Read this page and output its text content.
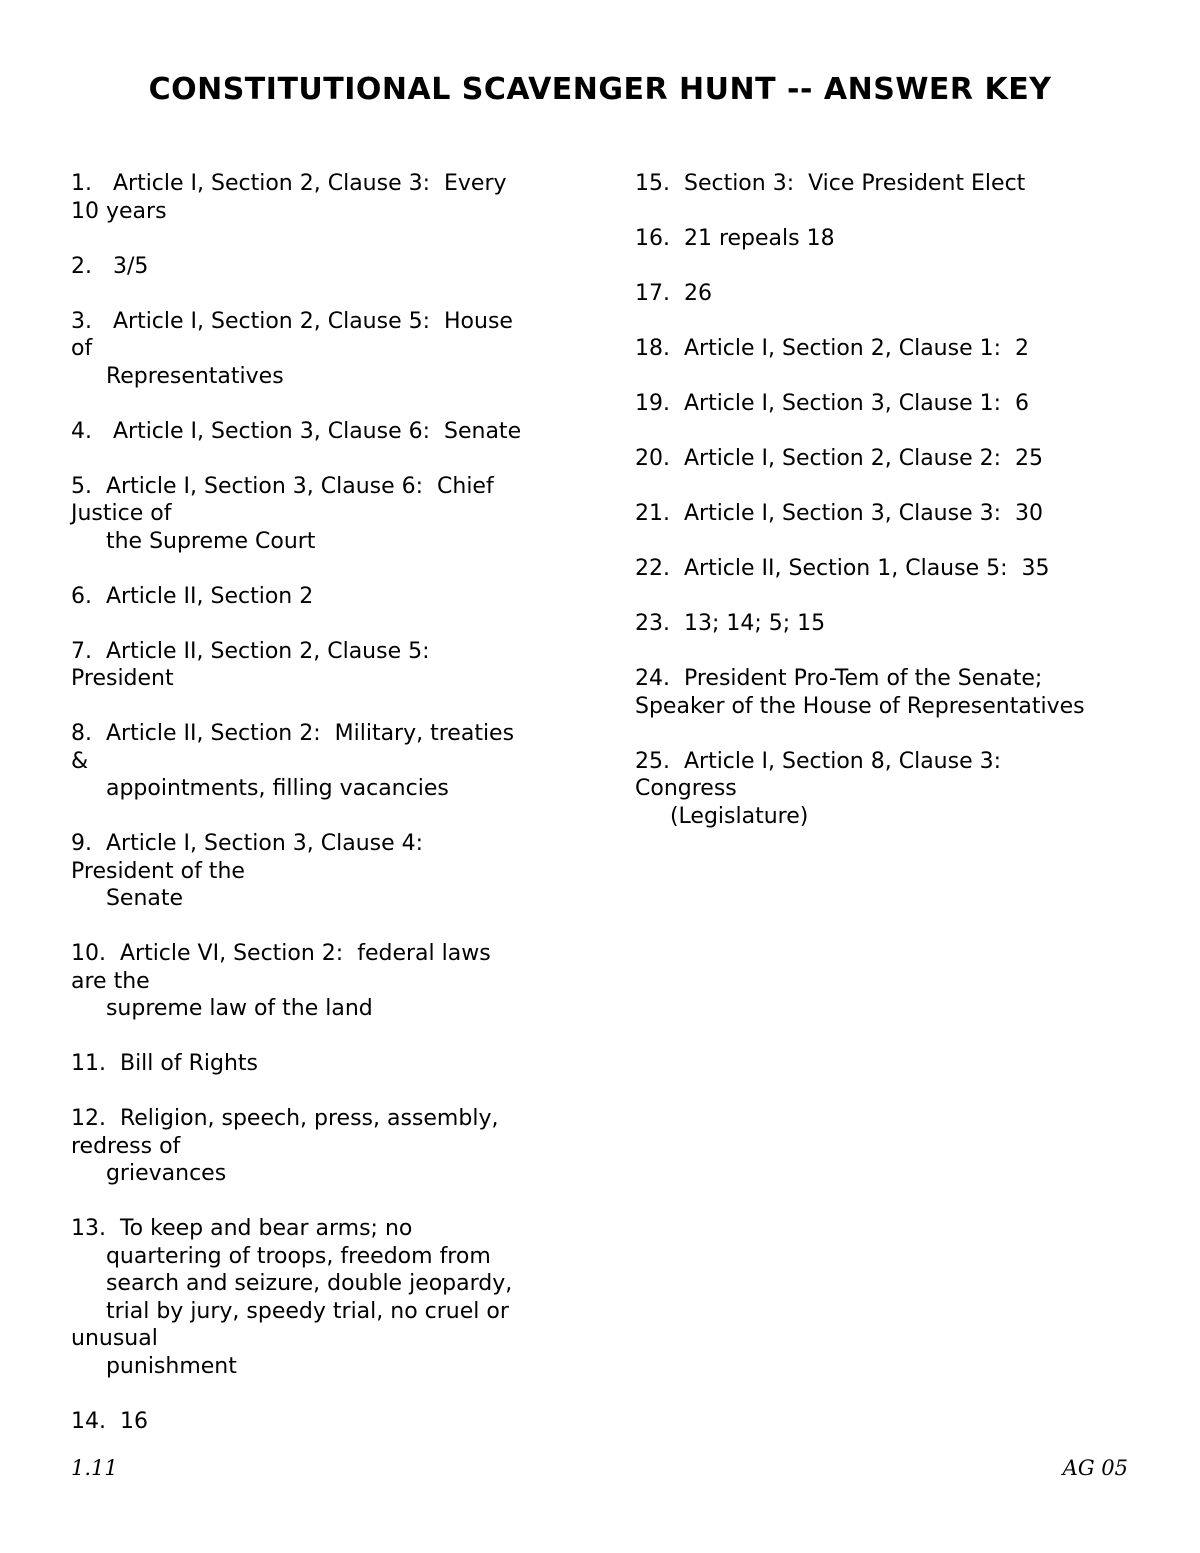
CONSTITUTIONAL SCAVENGER HUNT -- ANSWER KEY
1.   Article I, Section 2, Clause 3:  Every
10 years
2.   3/5
3.   Article I, Section 2, Clause 5:  House
of
Representatives
4.   Article I, Section 3, Clause 6:  Senate
5.  Article I, Section 3, Clause 6:  Chief
Justice of
the Supreme Court
6.  Article II, Section 2
7.  Article II, Section 2, Clause 5:
President
8.  Article II, Section 2:  Military, treaties
&
appointments, filling vacancies
9.  Article I, Section 3, Clause 4:
President of the
Senate
10.  Article VI, Section 2:  federal laws
are the
supreme law of the land
11.  Bill of Rights
12.  Religion, speech, press, assembly,
redress of
grievances
13.  To keep and bear arms; no
quartering of troops, freedom from
search and seizure, double jeopardy,
trial by jury, speedy trial, no cruel or
unusual
punishment
14.  16
15.  Section 3:  Vice President Elect
16.  21 repeals 18
17.  26
18.  Article I, Section 2, Clause 1:  2
19.  Article I, Section 3, Clause 1:  6
20.  Article I, Section 2, Clause 2:  25
21.  Article I, Section 3, Clause 3:  30
22.  Article II, Section 1, Clause 5:  35
23.  13; 14; 5; 15
24.  President Pro-Tem of the Senate;
Speaker of the House of Representatives
25.  Article I, Section 8, Clause 3:
Congress
(Legislature)
1.11	AG 05
